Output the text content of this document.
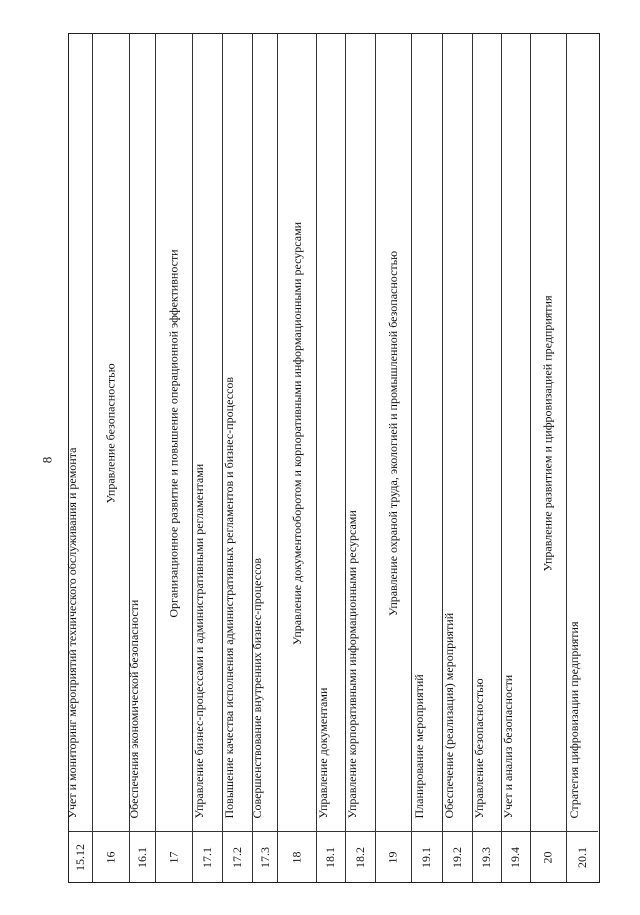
8 Учет и мониторинг мероприятий технического обслуживания и ремонта
15.12
Управление безопасностью
16
Обеспечения экономической безопасности
16.1
Организационное развитие и повышение операционной эффективности
17
Управление бизнес-процессами и административными регламентами
17.1
Повышение качества исполнения административных регламентов и бизнес-процессов
17.2
Совершенствование внутренних бизнес-процессов
17.3
Управление документооборотом и корпоративными информационными ресурсами
18
Управление документами
18.1
Управление корпоративными информационными ресурсами
18.2
Управление охраной труда, экологией и промышленной безопасностью
19
Планирование мероприятий
19.1
Обеспечение (реализация) мероприятий
19.2
Управление безопасностью
19.3
Учет и анализ безопасности
19.4
Управление развитием и цифровизацией предприятия
20
Стратегия цифровизации предприятия
20.1
